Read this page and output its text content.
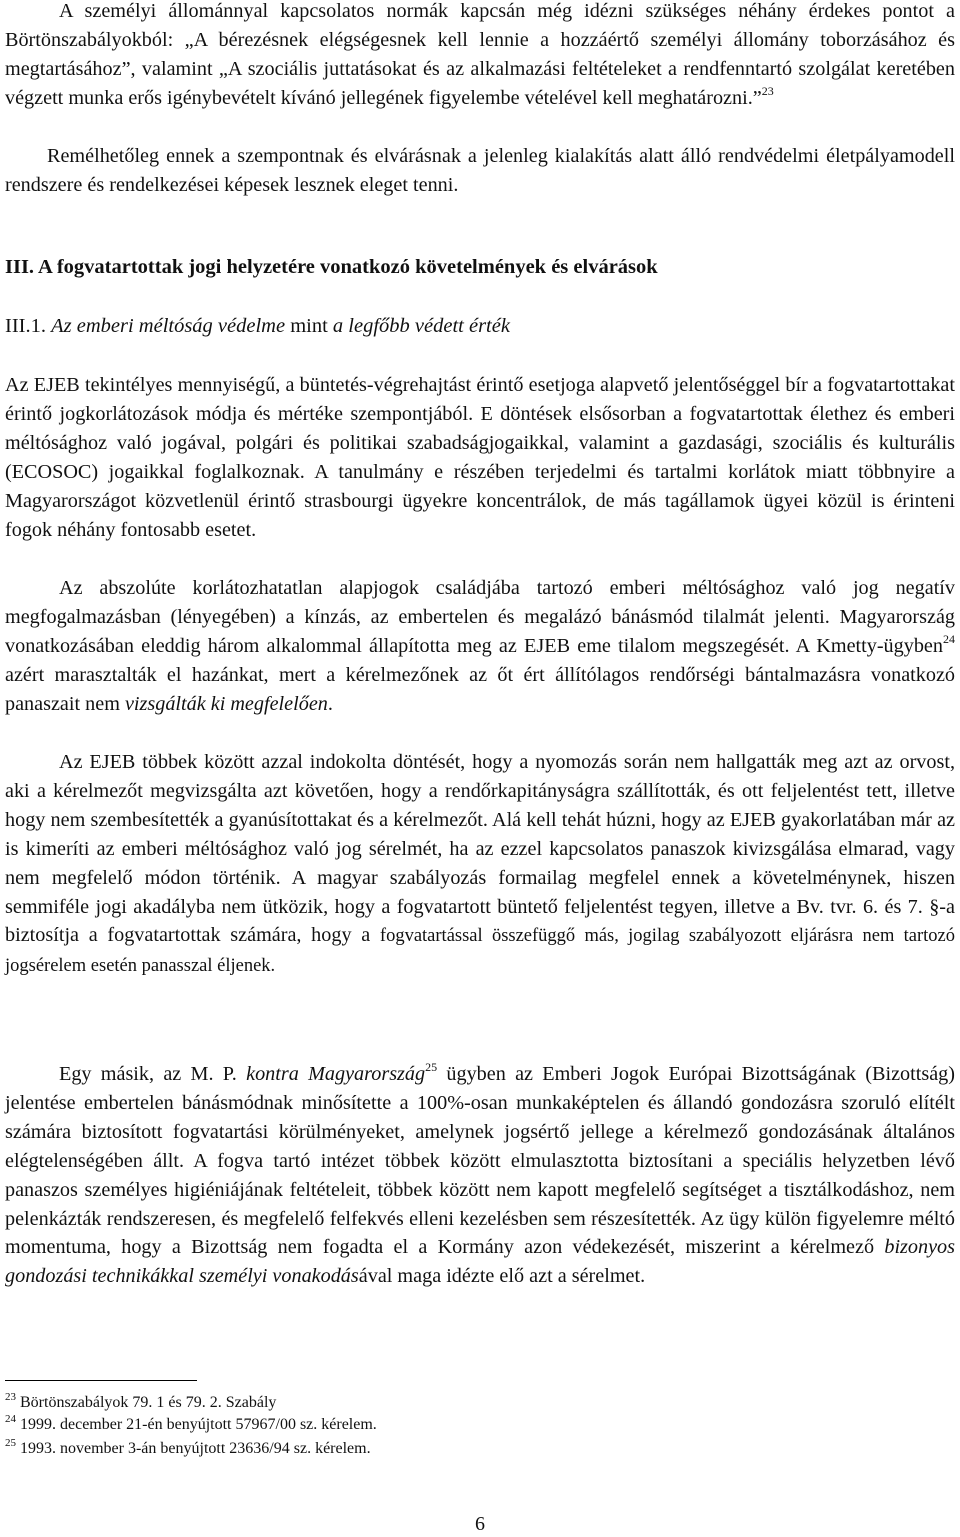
A személyi állománnyal kapcsolatos normák kapcsán még idézni szükséges néhány érdekes pontot a Börtönszabályokból: „A bérezésnek elégségesnek kell lennie a hozzáértő személyi állomány toborzásához és megtartásához”, valamint „A szociális juttatásokat és az alkalmazási feltételeket a rendfenntartó szolgálat keretében végzett munka erős igénybevételt kívánó jellegének figyelembe vételével kell meghatározni.”$^{23}$

Remélhetőleg ennek a szempontnak és elvárásnak a jelenleg kialakítás alatt álló rendvédelmi életpályamodell rendszere és rendelkezései képesek lesznek eleget tenni.

III. A fogvatartottak jogi helyzetére vonatkozó követelmények és elvárások

III.1. Az emberi méltóság védelme mint a legfőbb védett érték

Az EJEB tekintélyes mennyiségű, a büntetés-végrehajtást érintő esetjoga alapvető jelentőséggel bír a fogvatartottakat érintő jogkorlátozások módja és mértéke szempontjából. E döntések elsősorban a fogvatartottak élethez és emberi méltósághoz való jogával, polgári és politikai szabadságjogaikkal, valamint a gazdasági, szociális és kulturális (ECOSOC) jogaikkal foglalkoznak. A tanulmány e részében terjedelmi és tartalmi korlátok miatt többnyire a Magyarországot közvetlenül érintő strasbourgi ügyekre koncentrálok, de más tagállamok ügyei közül is érinteni fogok néhány fontosabb esetet.

Az abszolúte korlátozhatatlan alapjogok családjába tartozó emberi méltósághoz való jog negatív megfogalmazásban (lényegében) a kínzás, az embertelen és megalázó bánásmód tilalmát jelenti. Magyarország vonatkozásában eleddig három alkalommal állapította meg az EJEB eme tilalom megszegését. A Kmetty-ügyben$^{24}$ azért marasztalták el hazánkat, mert a kérelmezőnek az őt ért állítólagos rendőrségi bántalmazásra vonatkozó panaszait nem vizsgálták ki megfelelően.

Az EJEB többek között azzal indokolta döntését, hogy a nyomozás során nem hallgatták meg azt az orvost, aki a kérelmezőt megvizsgálta azt követően, hogy a rendőrkapitányságra szállították, és ott feljelentést tett, illetve hogy nem szembesítették a gyanúsítottakat és a kérelmezőt. Alá kell tehát húzni, hogy az EJEB gyakorlatában már az is kimeríti az emberi méltósághoz való jog sérelmét, ha az ezzel kapcsolatos panaszok kivizsgálása elmarad, vagy nem megfelelő módon történik. A magyar szabályozás formailag megfelel ennek a követelménynek, hiszen semmiféle jogi akadályba nem ütközik, hogy a fogvatartott büntető feljelentést tegyen, illetve a Bv. tvr. 6. és 7. §-a biztosítja a fogvatartottak számára, hogy a fogvatartással összefüggő más, jogilag szabályozott eljárásra nem tartozó jogsérelem esetén panasszal éljenek.

Egy másik, az M. P. kontra Magyarország$^{25}$ ügyben az Emberi Jogok Európai Bizottságának (Bizottság) jelentése embertelen bánásmódnak minősítette a 100%-osan munkaképtelen és állandó gondozásra szoruló elítélt számára biztosított fogvatartási körülményeket, amelynek jogsértő jellege a kérelmező gondozásának általános elégtelenségében állt. A fogva tartó intézet többek között elmulasztotta biztosítani a speciális helyzetben lévő panaszos személyes higiéniájának feltételeit, többek között nem kapott megfelelő segítséget a tisztálkodáshoz, nem pelenkázták rendszeresen, és megfelelő felfekvés elleni kezelésben sem részesítették. Az ügy külön figyelemre méltó momentuma, hogy a Bizottság nem fogadta el a Kormány azon védekezését, miszerint a kérelmező bizonyos gondozási technikákkal személyi vonakodásával maga idézte elő azt a sérelmet.

$^{23}$ Börtönszabályok 79. 1 és 79. 2. Szabály

$^{24}$ 1999. december 21-én benyújtott 57967/00 sz. kérelem.

$^{25}$ 1993. november 3-án benyújtott 23636/94 sz. kérelem.

6
